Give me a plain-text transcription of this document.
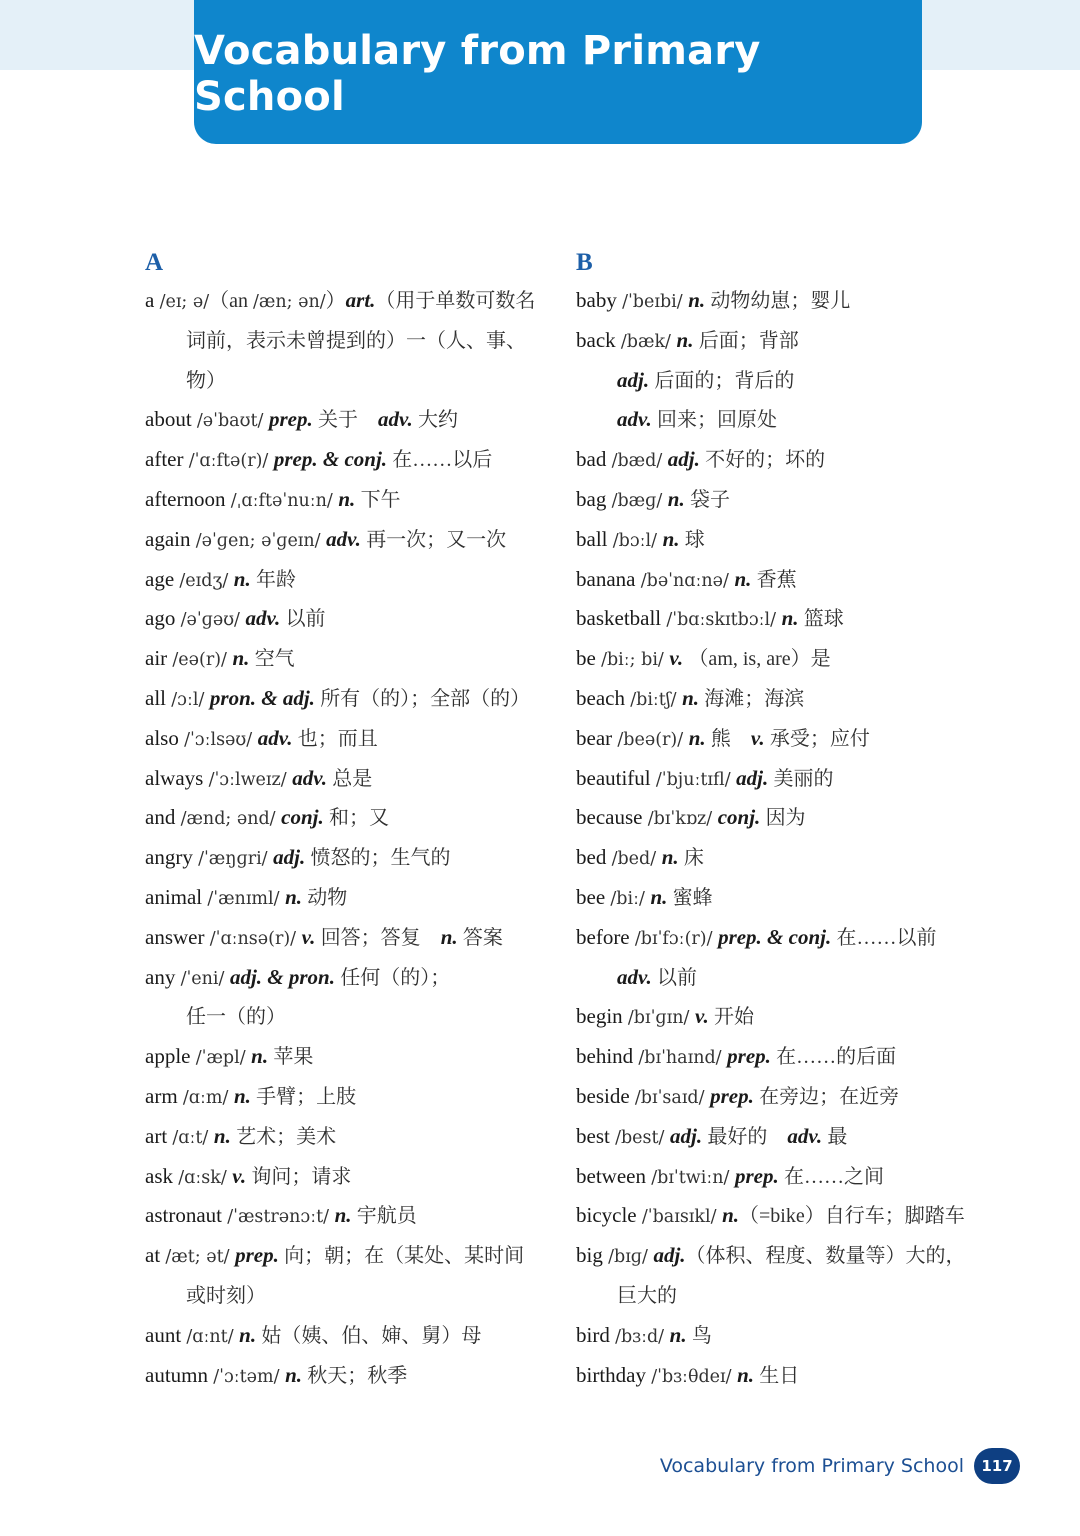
Vocabulary from Primary School
A
a /eɪ; ə/（an /æn; ən/）art.（用于单数可数名
词前，表示未曾提到的）一（人、事、
物）
about /əˈbaʊt/ prep. 关于　adv. 大约
after /ˈɑːftə(r)/ prep. & conj. 在……以后
afternoon /ˌɑːftəˈnuːn/ n. 下午
again /əˈɡen; əˈɡeɪn/ adv. 再一次；又一次
age /eɪdʒ/ n. 年龄
ago /əˈɡəʊ/ adv. 以前
air /eə(r)/ n. 空气
all /ɔːl/ pron. & adj. 所有（的）；全部（的）
also /ˈɔːlsəʊ/ adv. 也；而且
always /ˈɔːlweɪz/ adv. 总是
and /ænd; ənd/ conj. 和；又
angry /ˈæŋɡri/ adj. 愤怒的；生气的
animal /ˈænɪml/ n. 动物
answer /ˈɑːnsə(r)/ v. 回答；答复　n. 答案
any /ˈeni/ adj. & pron. 任何（的）；
任一（的）
apple /ˈæpl/ n. 苹果
arm /ɑːm/ n. 手臂；上肢
art /ɑːt/ n. 艺术；美术
ask /ɑːsk/ v. 询问；请求
astronaut /ˈæstrənɔːt/ n. 宇航员
at /æt; ət/ prep. 向；朝；在（某处、某时间
或时刻）
aunt /ɑːnt/ n. 姑（姨、伯、婶、舅）母
autumn /ˈɔːtəm/ n. 秋天；秋季
B
baby /ˈbeɪbi/ n. 动物幼崽；婴儿
back /bæk/ n. 后面；背部
adj. 后面的；背后的
adv. 回来；回原处
bad /bæd/ adj. 不好的；坏的
bag /bæɡ/ n. 袋子
ball /bɔːl/ n. 球
banana /bəˈnɑːnə/ n. 香蕉
basketball /ˈbɑːskɪtbɔːl/ n. 篮球
be /biː; bi/ v. （am, is, are）是
beach /biːtʃ/ n. 海滩；海滨
bear /beə(r)/ n. 熊　v. 承受；应付
beautiful /ˈbjuːtɪfl/ adj. 美丽的
because /bɪˈkɒz/ conj. 因为
bed /bed/ n. 床
bee /biː/ n. 蜜蜂
before /bɪˈfɔː(r)/ prep. & conj. 在……以前
adv. 以前
begin /bɪˈɡɪn/ v. 开始
behind /bɪˈhaɪnd/ prep. 在……的后面
beside /bɪˈsaɪd/ prep. 在旁边；在近旁
best /best/ adj. 最好的　adv. 最
between /bɪˈtwiːn/ prep. 在……之间
bicycle /ˈbaɪsɪkl/ n.（=bike）自行车；脚踏车
big /bɪɡ/ adj.（体积、程度、数量等）大的，
巨大的
bird /bɜːd/ n. 鸟
birthday /ˈbɜːθdeɪ/ n. 生日
Vocabulary from Primary School	117
